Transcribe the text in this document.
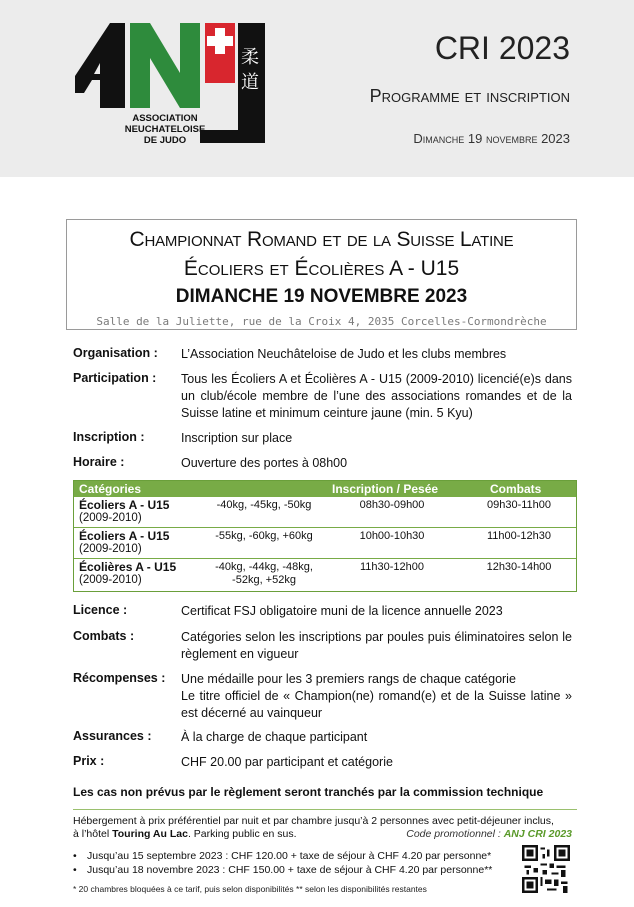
柔
道
ASSOCIATION
NEUCHATELOISE
DE JUDO
CRI 2023
Programme et inscription
Dimanche 19 novembre 2023
Championnat Romand et de la Suisse Latine
Écoliers et Écolières A - U15
DIMANCHE 19 NOVEMBRE 2023
Salle de la Juliette, rue de la Croix 4, 2035 Corcelles-Cormondrèche
Organisation : L’Association Neuchâteloise de Judo et les clubs membres
Participation : Tous les Écoliers A et Écolières A - U15 (2009-2010) licencié(e)s dans un club/école membre de l’une des associations romandes et de la Suisse latine et minimum ceinture jaune (min. 5 Kyu)
Inscription :	Inscription sur place
Horaire :	Ouverture des portes à 08h00
Catégories	Inscription / Pesée	Combats
Écoliers A - U15
(2009-2010)
-40kg, -45kg, -50kg	08h30-09h00	09h30-11h00
Écoliers A - U15
(2009-2010)
-55kg, -60kg, +60kg	10h00-10h30	11h00-12h30
Écolières A - U15
(2009-2010)
-40kg, -44kg, -48kg,
-52kg, +52kg
11h30-12h00	12h30-14h00
Licence :	Certificat FSJ obligatoire muni de la licence annuelle 2023
Combats :	Catégories selon les inscriptions par poules puis éliminatoires selon le règlement en vigueur
Récompenses : Une médaille pour les 3 premiers rangs de chaque catégorie
Le titre officiel de « Champion(ne) romand(e) et de la Suisse latine » est décerné au vainqueur
Assurances : À la charge de chaque participant
Prix :	CHF 20.00 par participant et catégorie
Les cas non prévus par le règlement seront tranchés par la commission technique
Hébergement à prix préférentiel par nuit et par chambre jusqu’à 2 personnes avec petit-déjeuner inclus,
à l’hôtel Touring Au Lac. Parking public en sus.	Code promotionnel : ANJ CRI 2023
• Jusqu’au 15 septembre 2023 : CHF 120.00 + taxe de séjour à CHF 4.20 par personne*
• Jusqu’au 18 novembre 2023 : CHF 150.00 + taxe de séjour à CHF 4.20 par personne**
* 20 chambres bloquées à ce tarif, puis selon disponibilités ** selon les disponibilités restantes
